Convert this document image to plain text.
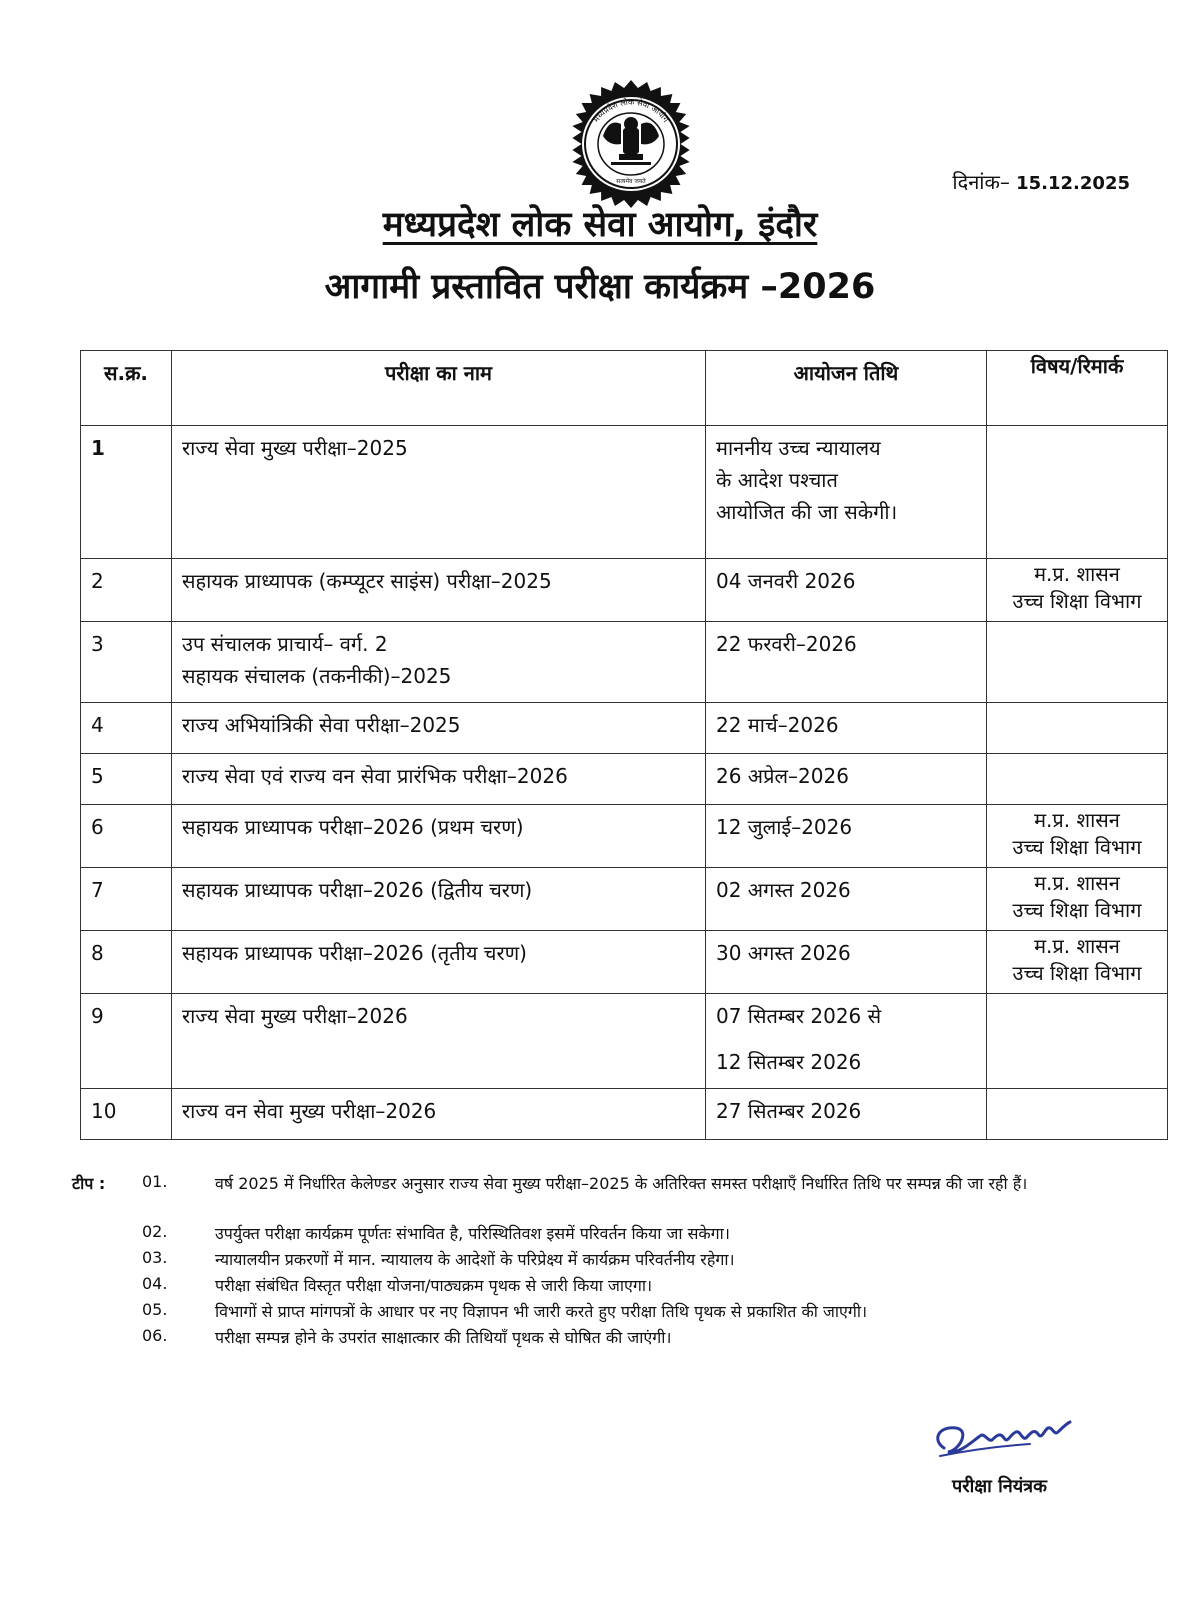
मध्यप्रदेश लोक सेवा आयोग
सत्यमेव जयते	दिनांक– 15.12.2025
मध्यप्रदेश लोक सेवा आयोग, इंदौर
आगामी प्रस्तावित परीक्षा कार्यक्रम –2026
स.क्र.	परीक्षा का नाम	आयोजन तिथि	विषय/रिमार्क
1	राज्य सेवा मुख्य परीक्षा–2025	माननीय उच्च न्यायालय
के आदेश पश्चात
आयोजित की जा सकेगी।	

2	सहायक प्राध्यापक (कम्प्यूटर साइंस) परीक्षा–2025	04 जनवरी 2026	म.प्र. शासन
उच्च शिक्षा विभाग

3	उप संचालक प्राचार्य– वर्ग. 2
सहायक संचालक (तकनीकी)–2025	22 फरवरी–2026	
4	राज्य अभियांत्रिकी सेवा परीक्षा–2025	22 मार्च–2026	
5	राज्य सेवा एवं राज्य वन सेवा प्रारंभिक परीक्षा–2026	26 अप्रेल–2026	
6	सहायक प्राध्यापक परीक्षा–2026 (प्रथम चरण)	12 जुलाई–2026	म.प्र. शासन
उच्च शिक्षा विभाग

7	सहायक प्राध्यापक परीक्षा–2026 (द्वितीय चरण)	02 अगस्त 2026	म.प्र. शासन
उच्च शिक्षा विभाग

8	सहायक प्राध्यापक परीक्षा–2026 (तृतीय चरण)	30 अगस्त 2026	म.प्र. शासन
उच्च शिक्षा विभाग

9	राज्य सेवा मुख्य परीक्षा–2026	07 सितम्बर 2026 से
12 सितम्बर 2026	

10	राज्य वन सेवा मुख्य परीक्षा–2026	27 सितम्बर 2026	
टीप : 01.	वर्ष 2025 में निर्धारित केलेण्डर अनुसार राज्य सेवा मुख्य परीक्षा–2025 के अतिरिक्त समस्त परीक्षाएँ निर्धारित तिथि पर सम्पन्न की जा रही हैं।
02.	उपर्युक्त परीक्षा कार्यक्रम पूर्णतः संभावित है, परिस्थितिवश इसमें परिवर्तन किया जा सकेगा।
03.	न्यायालयीन प्रकरणों में मान. न्यायालय के आदेशों के परिप्रेक्ष्य में कार्यक्रम परिवर्तनीय रहेगा।
04.	परीक्षा संबंधित विस्तृत परीक्षा योजना/पाठ्यक्रम पृथक से जारी किया जाएगा।
05.	विभागों से प्राप्त मांगपत्रों के आधार पर नए विज्ञापन भी जारी करते हुए परीक्षा तिथि पृथक से प्रकाशित की जाएगी।
06.	परीक्षा सम्पन्न होने के उपरांत साक्षात्कार की तिथियाँ पृथक से घोषित की जाएंगी।
परीक्षा नियंत्रक
